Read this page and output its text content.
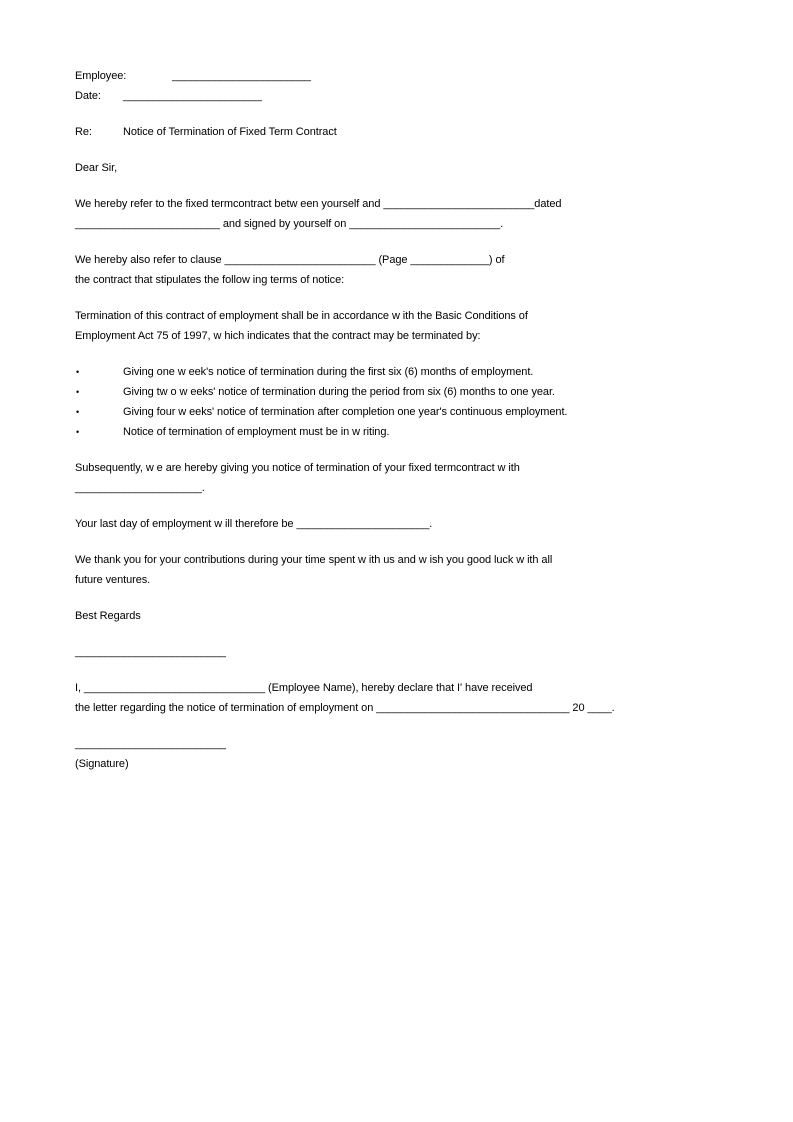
Employee:	_______________________
Date: _______________________
Re:	Notice of Termination of Fixed Term Contract
Dear Sir,
We hereby refer to the fixed termcontract betw een yourself and _________________________dated
________________________ and signed by yourself on _________________________.
We hereby also refer to clause _________________________ (Page _____________) of
the contract that stipulates the follow ing terms of notice:
Termination of this contract of employment shall be in accordance w ith the Basic Conditions of
Employment Act 75 of 1997, w hich indicates that the contract may be terminated by:
•	Giving one w eek's notice of termination during the first six (6) months of employment.
•	Giving tw o w eeks' notice of termination during the period from six (6) months to one year.
•	Giving four w eeks' notice of termination after completion one year's continuous employment.
•	Notice of termination of employment must be in w riting.
Subsequently, w e are hereby giving you notice of termination of your fixed termcontract w ith
_____________________.
Your last day of employment w ill therefore be ______________________.
We thank you for your contributions during your time spent w ith us and w ish you good luck w ith all
future ventures.
Best Regards
_________________________
I, ______________________________ (Employee Name), hereby declare that I' have received
the letter regarding the notice of termination of employment on ________________________________ 20 ____.
_________________________
(Signature)
